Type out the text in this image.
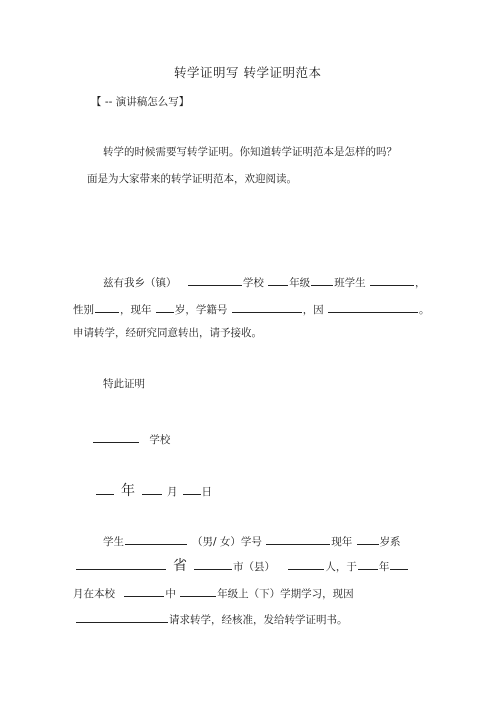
转学证明写 转学证明范本
【 -- 演讲稿怎么写】
转学的时候需要写转学证明。你知道转学证明范本是怎样的吗？
面是为大家带来的转学证明范本，欢迎阅读。
兹有我乡（镇）	学校 年级 班学生	，
性别 ，现年 岁，学籍号	，因	。
申请转学，经研究同意转出，请予接收。
特此证明
学校
年	月 日
学生	（男/ 女）学号	现年	岁系
省	市（县）	人，于 年
月在本校	中	年级上（下）学期学习，现因
请求转学，经核准，发给转学证明书。
